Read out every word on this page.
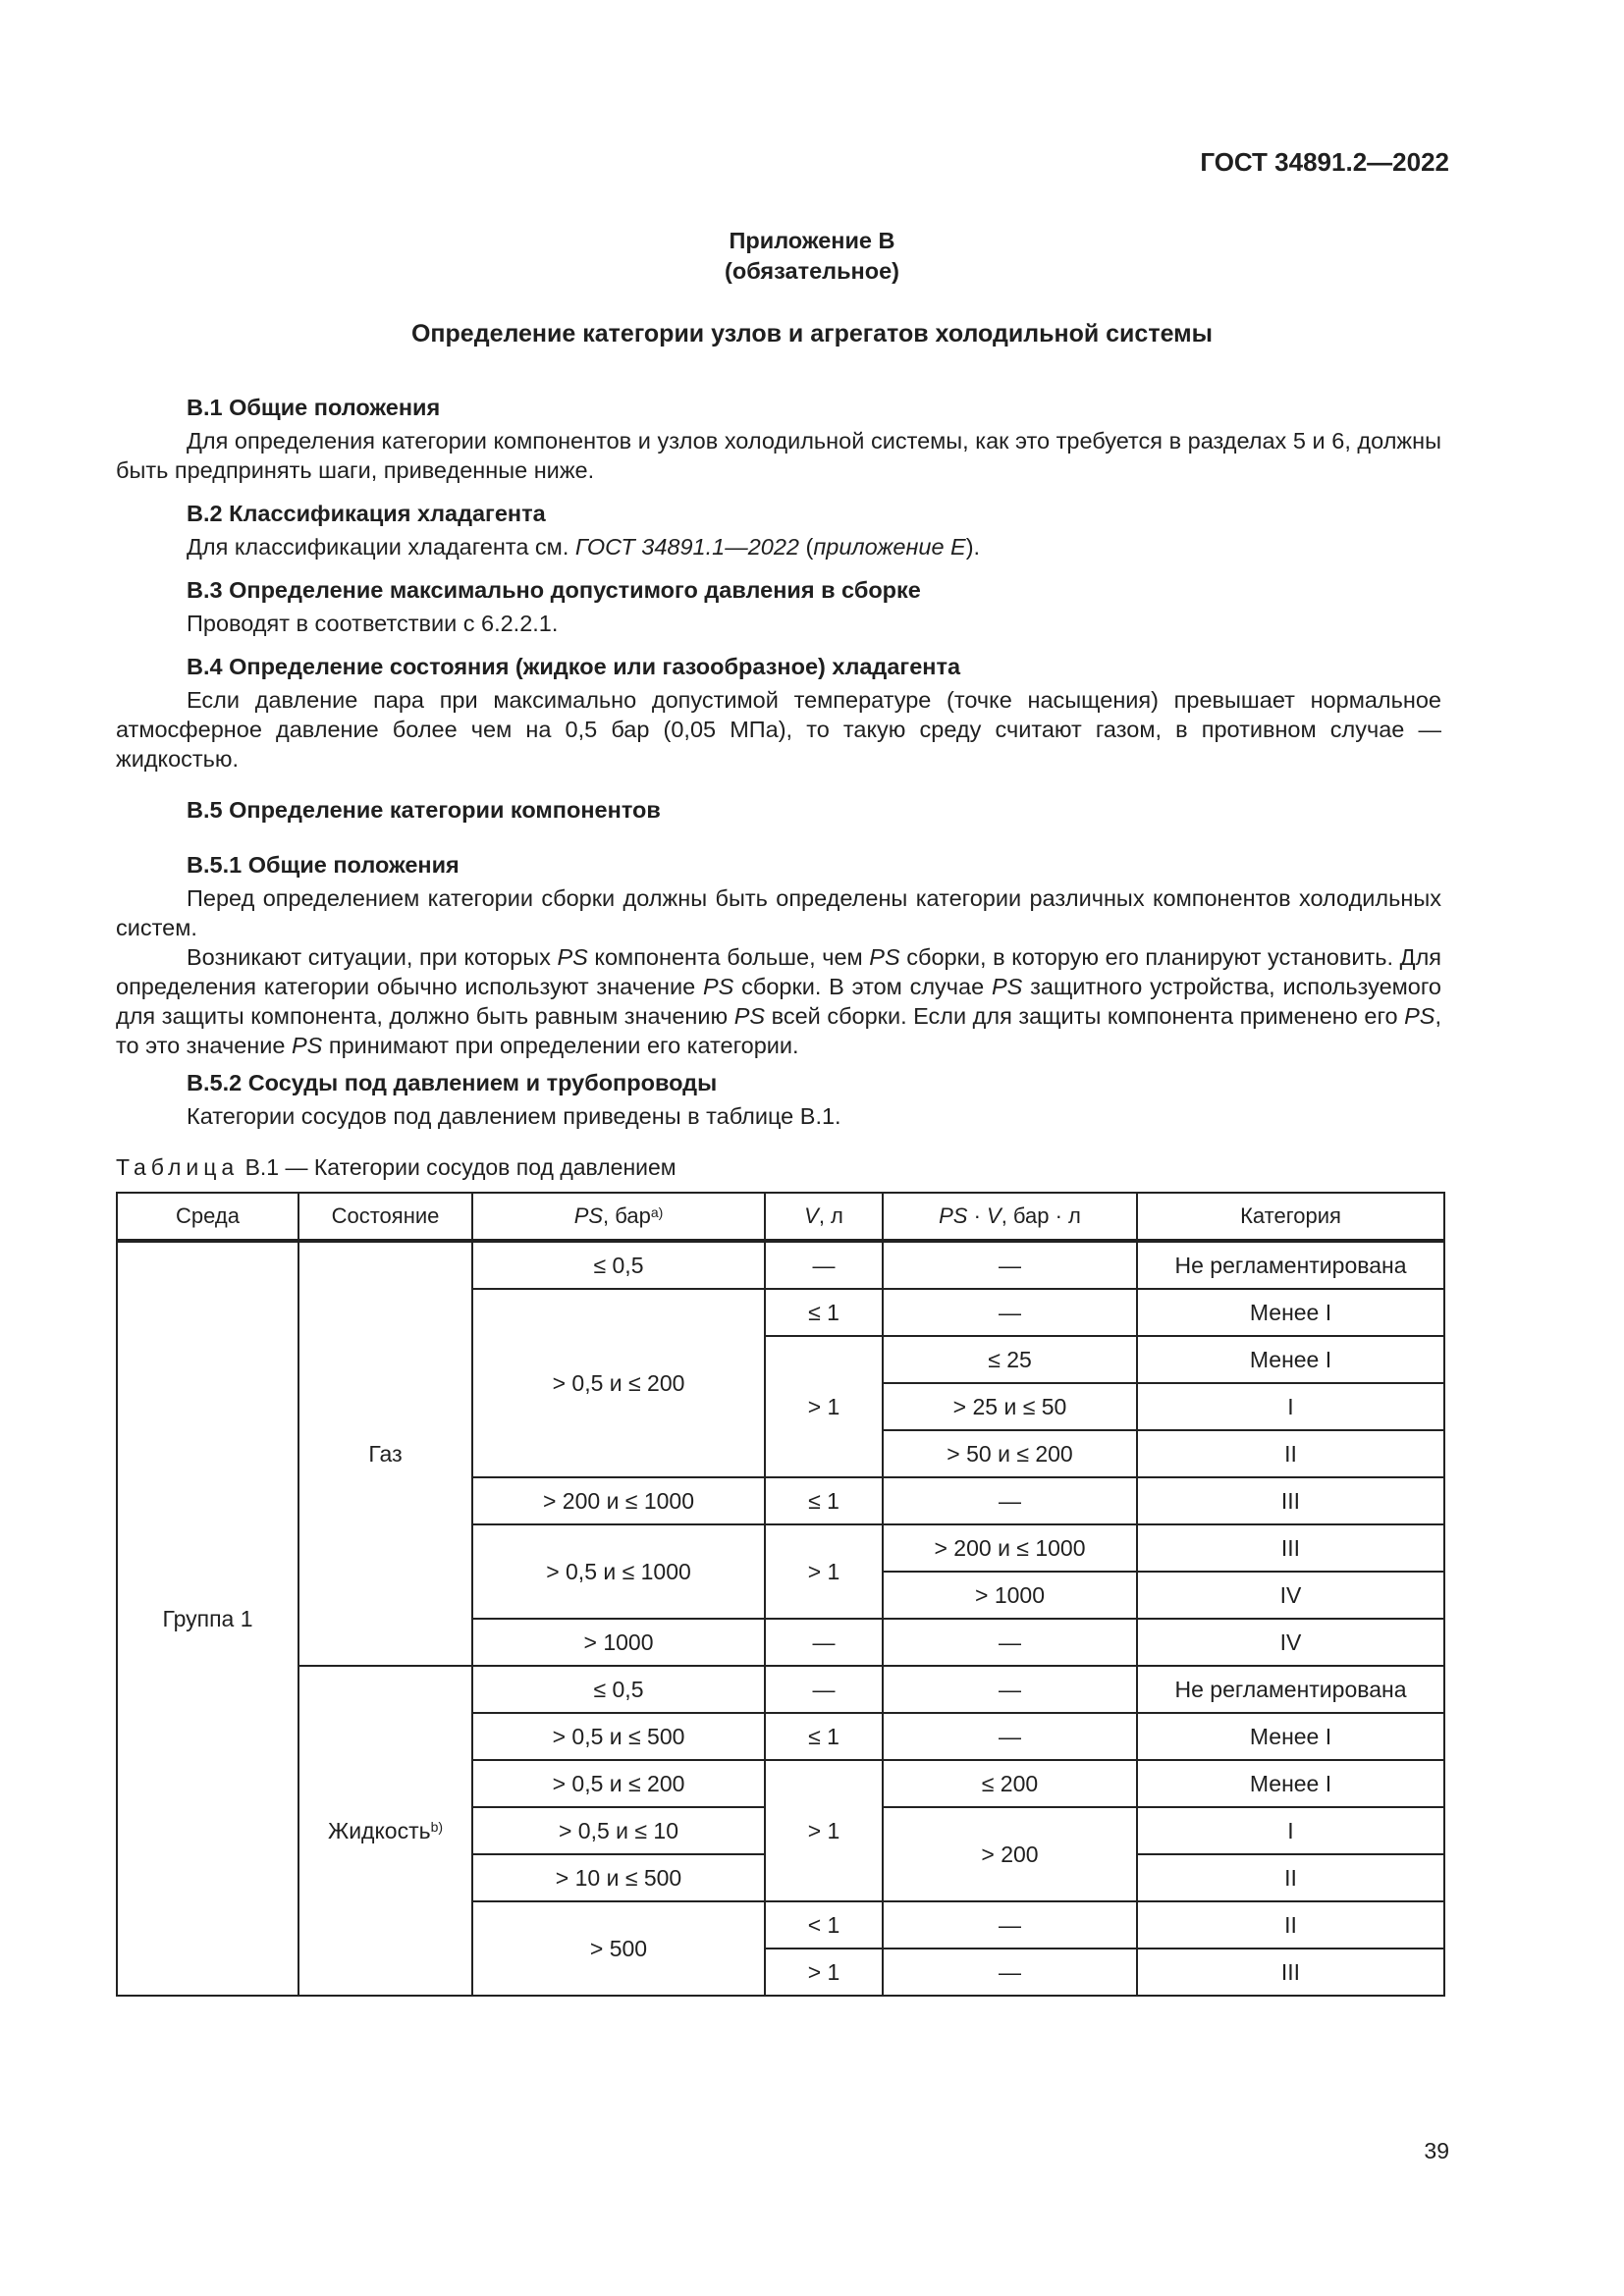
ГОСТ 34891.2—2022
Приложение В
(обязательное)
Определение категории узлов и агрегатов холодильной системы
В.1 Общие положения

Для определения категории компонентов и узлов холодильной системы, как это требуется в разделах 5 и 6, должны быть предпринять шаги, приведенные ниже.

В.2 Классификация хладагента

Для классификации хладагента см. ГОСТ 34891.1—2022 (приложение Е).

В.3 Определение максимально допустимого давления в сборке

Проводят в соответствии с 6.2.2.1.

В.4 Определение состояния (жидкое или газообразное) хладагента

Если давление пара при максимально допустимой температуре (точке насыщения) превышает нормальное атмосферное давление более чем на 0,5 бар (0,05 МПа), то такую среду считают газом, в противном случае — жидкостью.

В.5 Определение категории компонентов
В.5.1 Общие положения

Перед определением категории сборки должны быть определены категории различных компонентов холодильных систем.

Возникают ситуации, при которых PS компонента больше, чем PS сборки, в которую его планируют установить. Для определения категории обычно используют значение PS сборки. В этом случае PS защитного устройства, используемого для защиты компонента, должно быть равным значению PS всей сборки. Если для защиты компонента применено его PS, то это значение PS принимают при определении его категории.

В.5.2 Сосуды под давлением и трубопроводы

Категории сосудов под давлением приведены в таблице В.1.

Таблица В.1 — Категории сосудов под давлением
Среда	Состояние	PS, бар$^{a)}$	V, л	PS · V, бар · л	Категория
Группа 1	Газ	≤ 0,5	—	—	Не регламентирована
		> 0,5 и ≤ 200	≤ 1	—	Менее I
			> 1	≤ 25	Менее I
				> 25 и ≤ 50	I
				> 50 и ≤ 200	II
		> 200 и ≤ 1000	≤ 1	—	III
		> 0,5 и ≤ 1000	> 1	> 200 и ≤ 1000	III
				> 1000	IV
		> 1000	—	—	IV
	Жидкость$^{b)}$	≤ 0,5	—	—	Не регламентирована
		> 0,5 и ≤ 500	≤ 1	—	Менее I
		> 0,5 и ≤ 200	> 1	≤ 200	Менее I
		> 0,5 и ≤ 10		> 200	I
		> 10 и ≤ 500			II
		> 500	< 1	—	II
			> 1	—	III
39
